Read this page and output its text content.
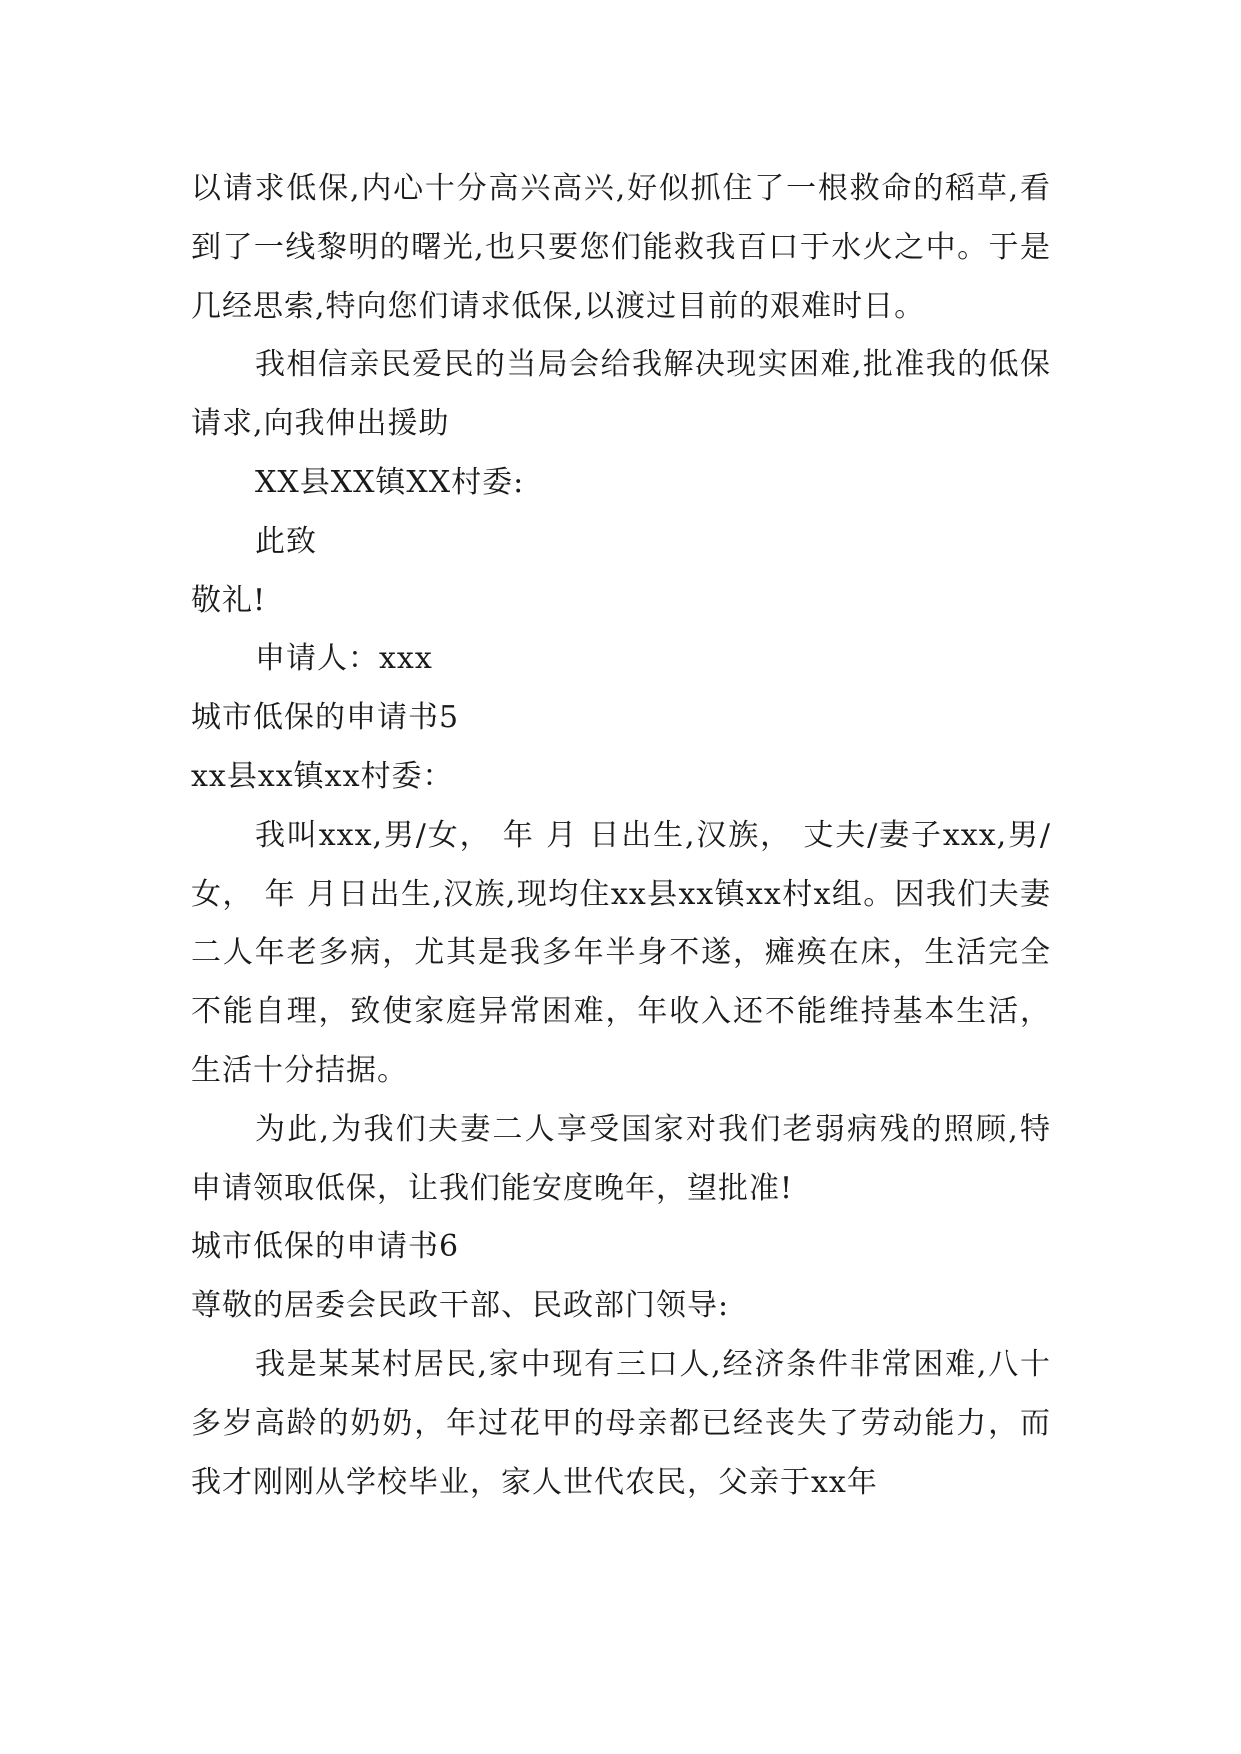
以请求低保,内心十分高兴高兴,好似抓住了一根救命的稻草,看到了一线黎明的曙光,也只要您们能救我百口于水火之中。于是几经思索,特向您们请求低保,以渡过目前的艰难时日。

我相信亲民爱民的当局会给我解决现实困难,批准我的低保请求,向我伸出援助

XX县XX镇XX村委:

此致

敬礼!

申请人：xxx

城市低保的申请书5

xx县xx镇xx村委：

我叫xxx,男/女， 年 月 日出生,汉族， 丈夫/妻子xxx,男/女， 年 月日出生,汉族,现均住xx县xx镇xx村x组。因我们夫妻二人年老多病，尤其是我多年半身不遂，瘫痪在床，生活完全不能自理，致使家庭异常困难，年收入还不能维持基本生活，生活十分拮据。

为此,为我们夫妻二人享受国家对我们老弱病残的照顾,特申请领取低保，让我们能安度晚年，望批准!

城市低保的申请书6

尊敬的居委会民政干部、民政部门领导:

我是某某村居民,家中现有三口人,经济条件非常困难,八十多岁高龄的奶奶，年过花甲的母亲都已经丧失了劳动能力，而我才刚刚从学校毕业，家人世代农民，父亲于xx年
